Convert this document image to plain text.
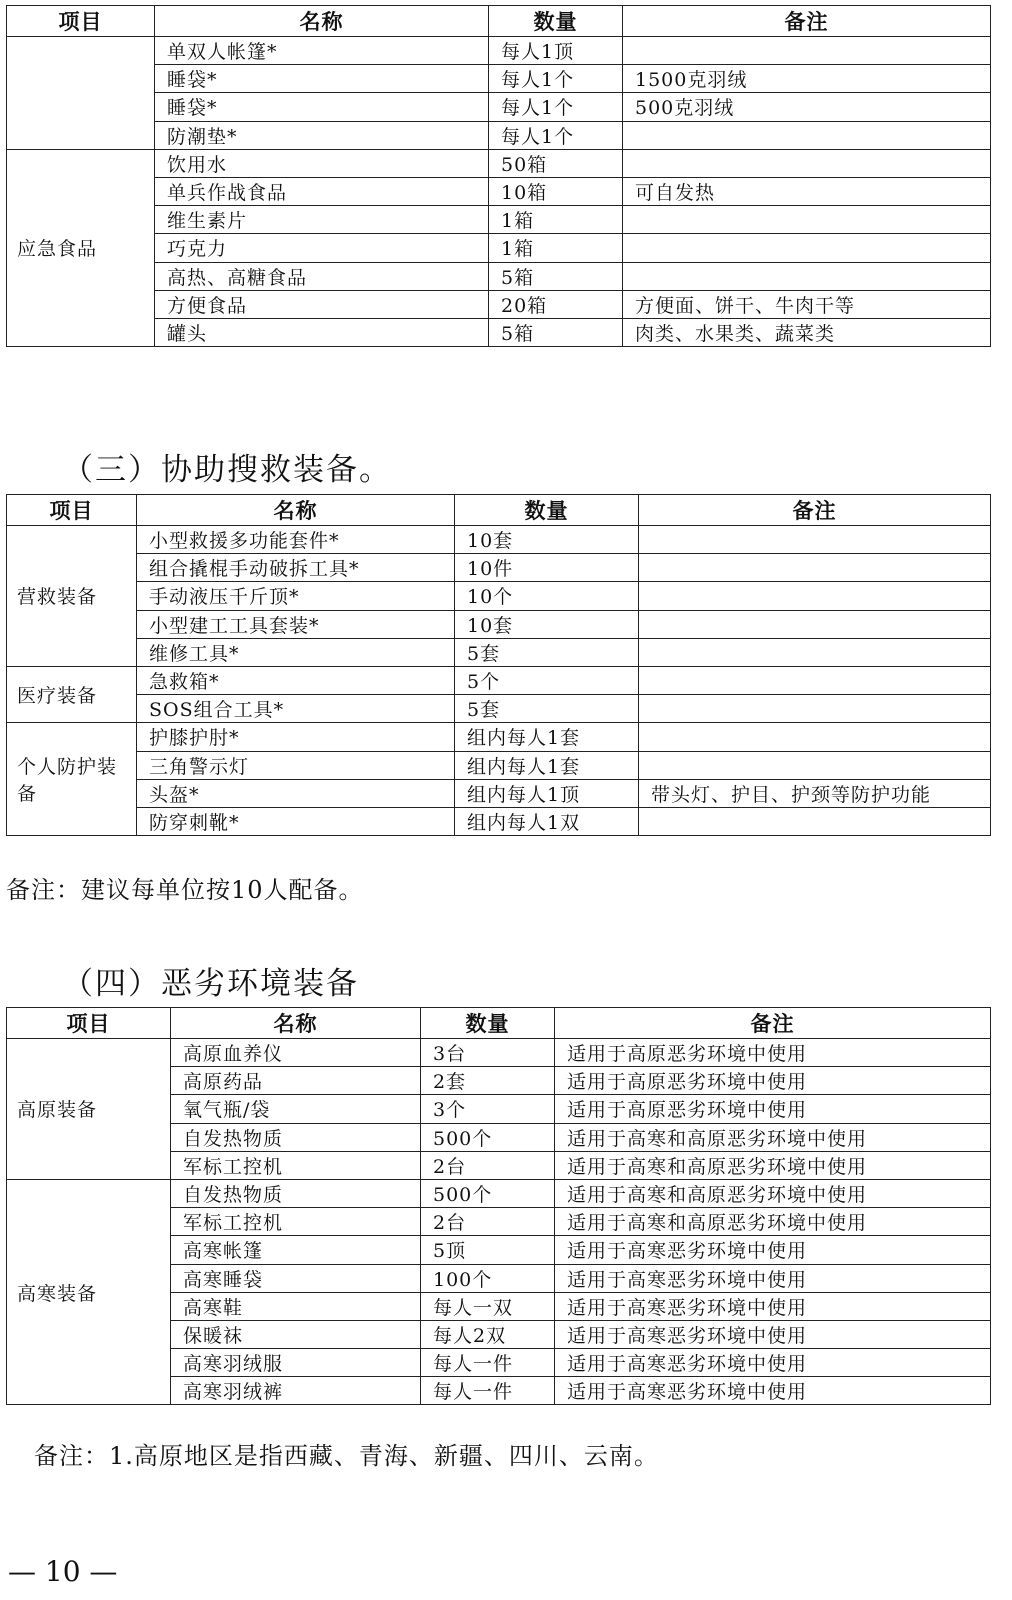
项目	名称	数量	备注
	单双人帐篷*	每人1顶	
	睡袋*	每人1个	1500克羽绒
	睡袋*	每人1个	500克羽绒
	防潮垫*	每人1个	
应急食品	饮用水	50箱	
	单兵作战食品	10箱	可自发热
	维生素片	1箱	
	巧克力	1箱	
	高热、高糖食品	5箱	
	方便食品	20箱	方便面、饼干、牛肉干等
	罐头	5箱	肉类、水果类、蔬菜类
（三）协助搜救装备。
项目	名称	数量	备注
营救装备	小型救援多功能套件*	10套	
	组合撬棍手动破拆工具*	10件	
	手动液压千斤顶*	10个	
	小型建工工具套装*	10套	
	维修工具*	5套	
医疗装备	急救箱*	5个	
	SOS组合工具*	5套	
个人防护装备	护膝护肘*	组内每人1套	
	三角警示灯	组内每人1套	
	头盔*	组内每人1顶	带头灯、护目、护颈等防护功能
	防穿刺靴*	组内每人1双	
备注：建议每单位按10人配备。
（四）恶劣环境装备
项目	名称	数量	备注
高原装备	高原血养仪	3台	适用于高原恶劣环境中使用
	高原药品	2套	适用于高原恶劣环境中使用
	氧气瓶/袋	3个	适用于高原恶劣环境中使用
	自发热物质	500个	适用于高寒和高原恶劣环境中使用
	军标工控机	2台	适用于高寒和高原恶劣环境中使用
高寒装备	自发热物质	500个	适用于高寒和高原恶劣环境中使用
	军标工控机	2台	适用于高寒和高原恶劣环境中使用
	高寒帐篷	5顶	适用于高寒恶劣环境中使用
	高寒睡袋	100个	适用于高寒恶劣环境中使用
	高寒鞋	每人一双	适用于高寒恶劣环境中使用
	保暖袜	每人2双	适用于高寒恶劣环境中使用
	高寒羽绒服	每人一件	适用于高寒恶劣环境中使用
	高寒羽绒裤	每人一件	适用于高寒恶劣环境中使用
备注：1.高原地区是指西藏、青海、新疆、四川、云南。
— 10 —
